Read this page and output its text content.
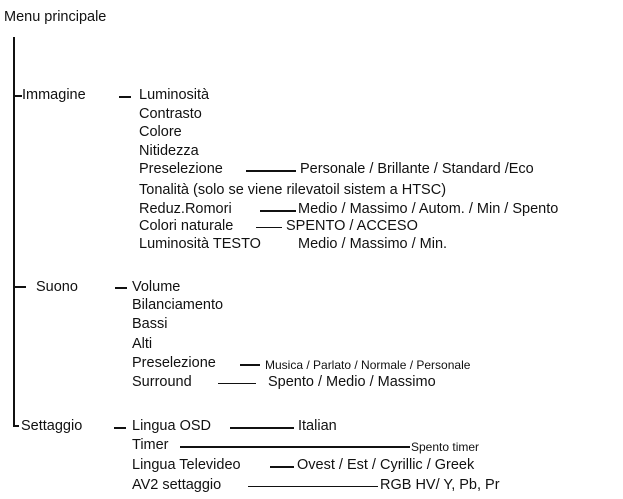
Menu principale
Immagine	Luminosità
Contrasto
Colore
Nitidezza
Preselezione	Personale / Brillante / Standard /Eco
Tonalità (solo se viene rilevatoil sistem a HTSC)
Reduz.Romori	Medio / Massimo / Autom. / Min / Spento
Colori naturale	SPENTO / ACCESO
Luminosità TESTO	Medio / Massimo / Min.
Suono	Volume
Bilanciamento
Bassi
Alti
Preselezione	Musica / Parlato / Normale / Personale
Surround	Spento / Medio / Massimo
Settaggio	Lingua OSD	Italian
Timer	Spento timer
Lingua Televideo	Ovest / Est / Cyrillic / Greek
AV2 settaggio	RGB HV/ Y, Pb, Pr
